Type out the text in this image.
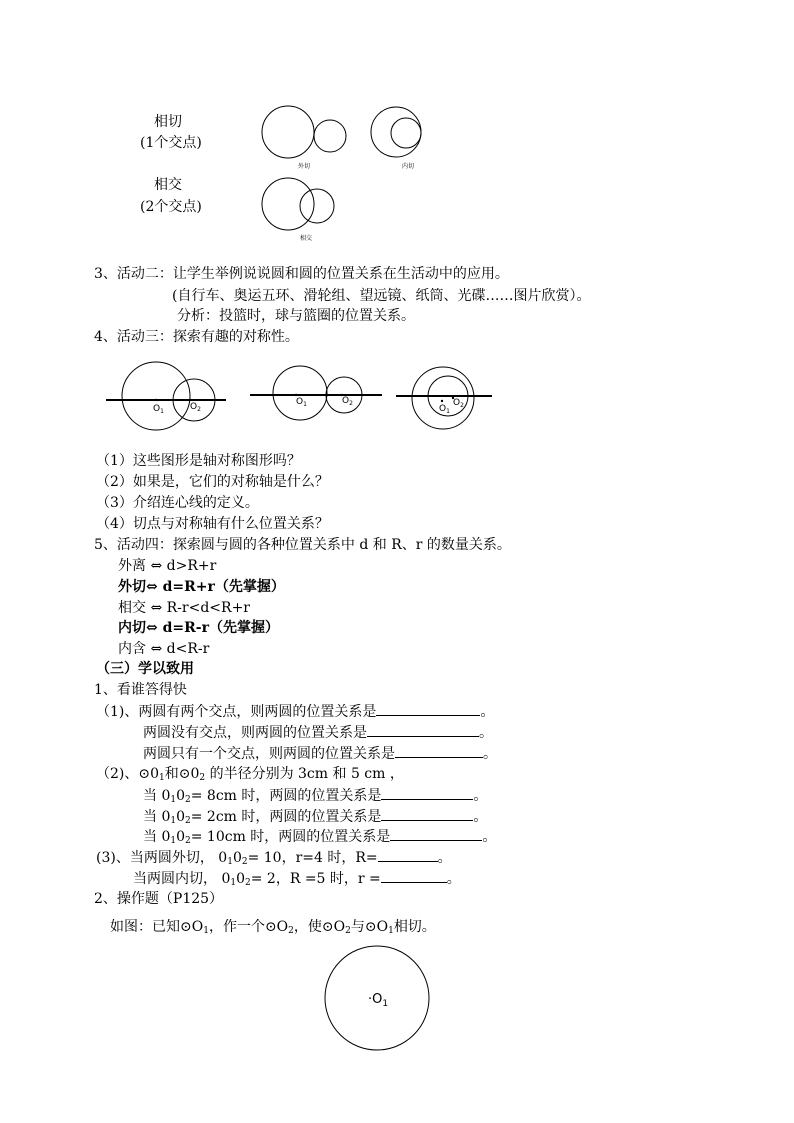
相切
(1个交点)
外切	内切
相交
(2个交点)
相交
3、活动二：让学生举例说说圆和圆的位置关系在生活动中的应用。
(自行车、奥运五环、滑轮组、望远镜、纸筒、光碟……图片欣赏）。
分析：投篮时，球与篮圈的位置关系。
4、活动三：探索有趣的对称性。
$O_1$	$O_2$
$O_1$	$O_2$
$O_1$
$O_2$
（1）这些图形是轴对称图形吗？
（2）如果是，它们的对称轴是什么？
（3）介绍连心线的定义。
（4）切点与对称轴有什么位置关系？
5、活动四：探索圆与圆的各种位置关系中 d 和 R、r 的数量关系。
外离 ⇔ d>R+r
外切⇔ d=R+r（先掌握）
相交 ⇔ R-r<d<R+r
内切⇔ d=R-r（先掌握）
内含 ⇔ d<R-r
（三）学以致用
1、看谁答得快
（1)、两圆有两个交点，则两圆的位置关系是	。
两圆没有交点，则两圆的位置关系是	。
两圆只有一个交点，则两圆的位置关系是	。
（2)、$⊙0_1$和$⊙0_2$ 的半径分别为 3cm 和 5 cm ，
当 $0_10_2= 8cm$ 时，两圆的位置关系是	。
当 $0_10_2= 2cm$ 时，两圆的位置关系是	。
当 $0_10_2= 10cm$ 时，两圆的位置关系是	。
(3)、当两圆外切， $0_10_2= 10$，r=4 时，R=	。
当两圆内切， $0_10_2= 2$，R =5 时，r =	。
2、操作题（P125）
如图：已知$⊙O_1$，作一个$⊙O_2$，使$⊙O_2$与$⊙O_1$相切。
$\cdot O_1$
